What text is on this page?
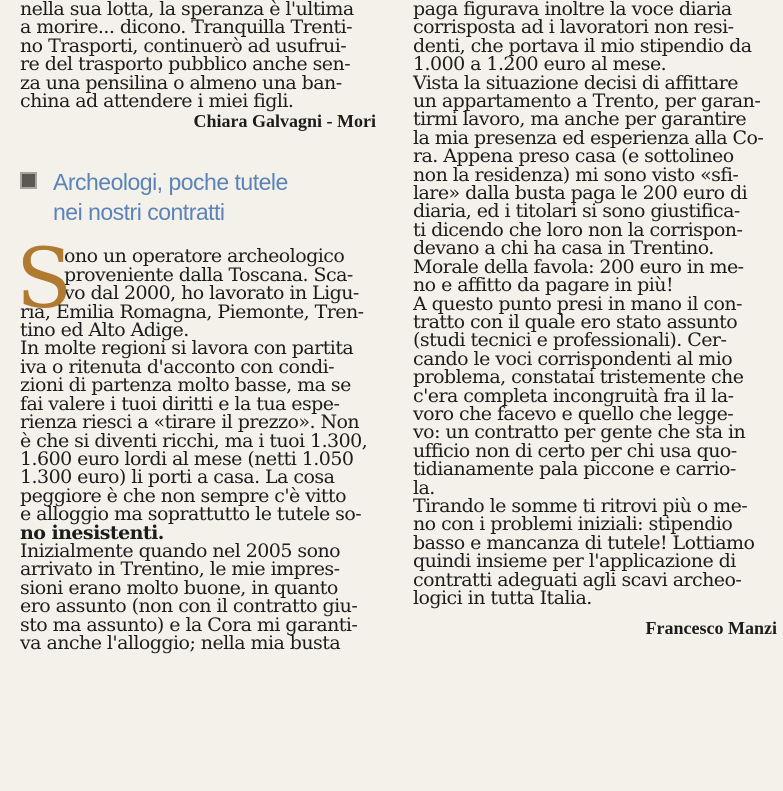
nella sua lotta, la speranza è l'ultima
a morire... dicono. Tranquilla Trenti-
no Trasporti, continuerò ad usufrui-
re del trasporto pubblico anche sen-
za una pensilina o almeno una ban-
china ad attendere i miei figli.
Chiara Galvagni - Mori
Archeologi, poche tutele
nei nostri contratti
S
ono un operatore archeologico
proveniente dalla Toscana. Sca-
vo dal 2000, ho lavorato in Ligu-
ria, Emilia Romagna, Piemonte, Tren-
tino ed Alto Adige.
In molte regioni si lavora con partita
iva o ritenuta d'acconto con condi-
zioni di partenza molto basse, ma se
fai valere i tuoi diritti e la tua espe-
rienza riesci a «tirare il prezzo». Non
è che si diventi ricchi, ma i tuoi 1.300,
1.600 euro lordi al mese (netti 1.050
1.300 euro) li porti a casa. La cosa
peggiore è che non sempre c'è vitto
e alloggio ma soprattutto le tutele so-
no inesistenti.
Inizialmente quando nel 2005 sono
arrivato in Trentino, le mie impres-
sioni erano molto buone, in quanto
ero assunto (non con il contratto giu-
sto ma assunto) e la Cora mi garanti-
va anche l'alloggio; nella mia busta
paga figurava inoltre la voce diaria
corrisposta ad i lavoratori non resi-
denti, che portava il mio stipendio da
1.000 a 1.200 euro al mese.
Vista la situazione decisi di affittare
un appartamento a Trento, per garan-
tirmi lavoro, ma anche per garantire
la mia presenza ed esperienza alla Co-
ra. Appena preso casa (e sottolineo
non la residenza) mi sono visto «sfi-
lare» dalla busta paga le 200 euro di
diaria, ed i titolari si sono giustifica-
ti dicendo che loro non la corrispon-
devano a chi ha casa in Trentino.
Morale della favola: 200 euro in me-
no e affitto da pagare in più!
A questo punto presi in mano il con-
tratto con il quale ero stato assunto
(studi tecnici e professionali). Cer-
cando le voci corrispondenti al mio
problema, constatai tristemente che
c'era completa incongruità fra il la-
voro che facevo e quello che legge-
vo: un contratto per gente che sta in
ufficio non di certo per chi usa quo-
tidianamente pala piccone e carrio-
la.
Tirando le somme ti ritrovi più o me-
no con i problemi iniziali: stipendio
basso e mancanza di tutele! Lottiamo
quindi insieme per l'applicazione di
contratti adeguati agli scavi archeo-
logici in tutta Italia.
Francesco Manzi
